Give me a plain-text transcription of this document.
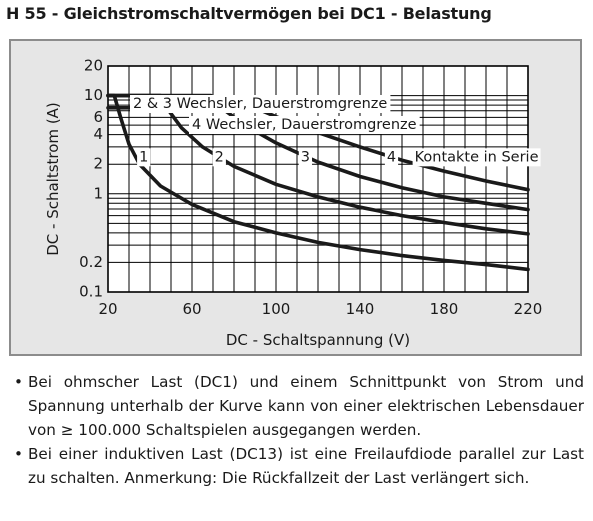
H 55 - Gleichstromschaltvermögen bei DC1 - Belastung
2 & 3 Wechsler, Dauerstromgrenze
4 Wechsler, Dauerstromgrenze
1	2	3	4 Kontakte in Serie
20
10
6
4
2
1
0.2
0.1
20	60	100	140	180	220
DC - Schaltspannung (V)
DC - Schaltstrom (A)
• Bei ohmscher Last (DC1) und einem Schnittpunkt von Strom und Spannung unterhalb der Kurve kann von einer elektrischen Lebensdauer von ≥ 100.000 Schaltspielen ausgegangen werden.
• Bei einer induktiven Last (DC13) ist eine Freilaufdiode parallel zur Last zu schalten. Anmerkung: Die Rückfallzeit der Last verlängert sich.
